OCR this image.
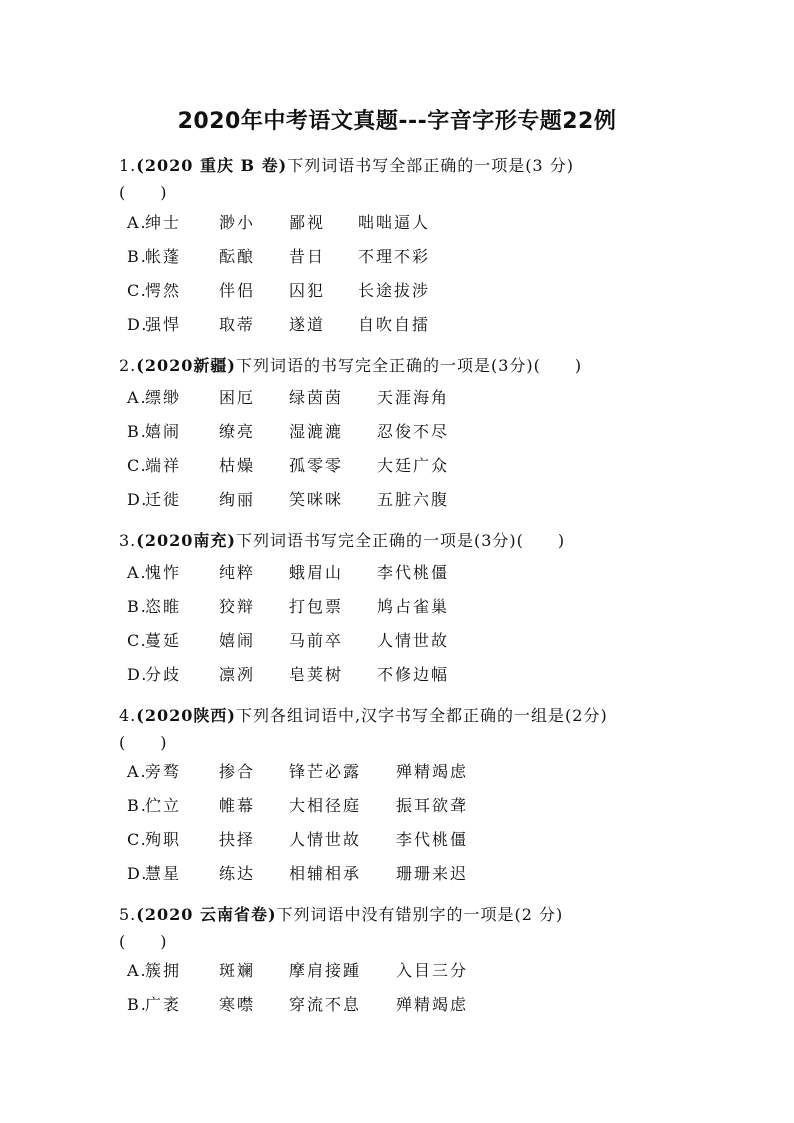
2020年中考语文真题---字音字形专题22例
1.(2020 重庆 B 卷)下列词语书写全部正确的一项是(3 分)
(　　)
A.
绅士 渺小 鄙视 咄咄逼人
B.
帐蓬 酝酿 昔日 不理不彩
C.
愕然 伴侣 囚犯 长途拔涉
D.
强悍 取蒂 遂道 自吹自擂
2.(2020新疆)下列词语的书写完全正确的一项是(3分)(　　)
A.
缥缈 困厄 绿茵茵 天涯海角
B.
嬉闹 缭亮 湿漉漉 忍俊不尽
C.
端祥 枯燥 孤零零 大廷广众
D.
迁徙 绚丽 笑咪咪 五脏六腹
3.(2020南充)下列词语书写完全正确的一项是(3分)(　　)
A.
愧怍 纯粹 蛾眉山 李代桃僵
B.
恣睢 狡辩 打包票 鸠占雀巢
C.
蔓延 嬉闹 马前卒 人情世故
D.
分歧 凛冽 皂荚树 不修边幅
4.(2020陕西)下列各组词语中,汉字书写全都正确的一组是(2分)
(　　)
A.
旁骛 掺合 锋芒必露 殚精竭虑
B.
伫立 帷幕 大相径庭 振耳欲聋
C.
殉职 抉择 人情世故 李代桃僵
D.
慧星 练达 相辅相承 珊珊来迟
5.(2020 云南省卷)下列词语中没有错别字的一项是(2 分)
(　　)
A.
簇拥 斑斓 摩肩接踵 入目三分
B.
广袤 寒噤 穿流不息 殚精竭虑
